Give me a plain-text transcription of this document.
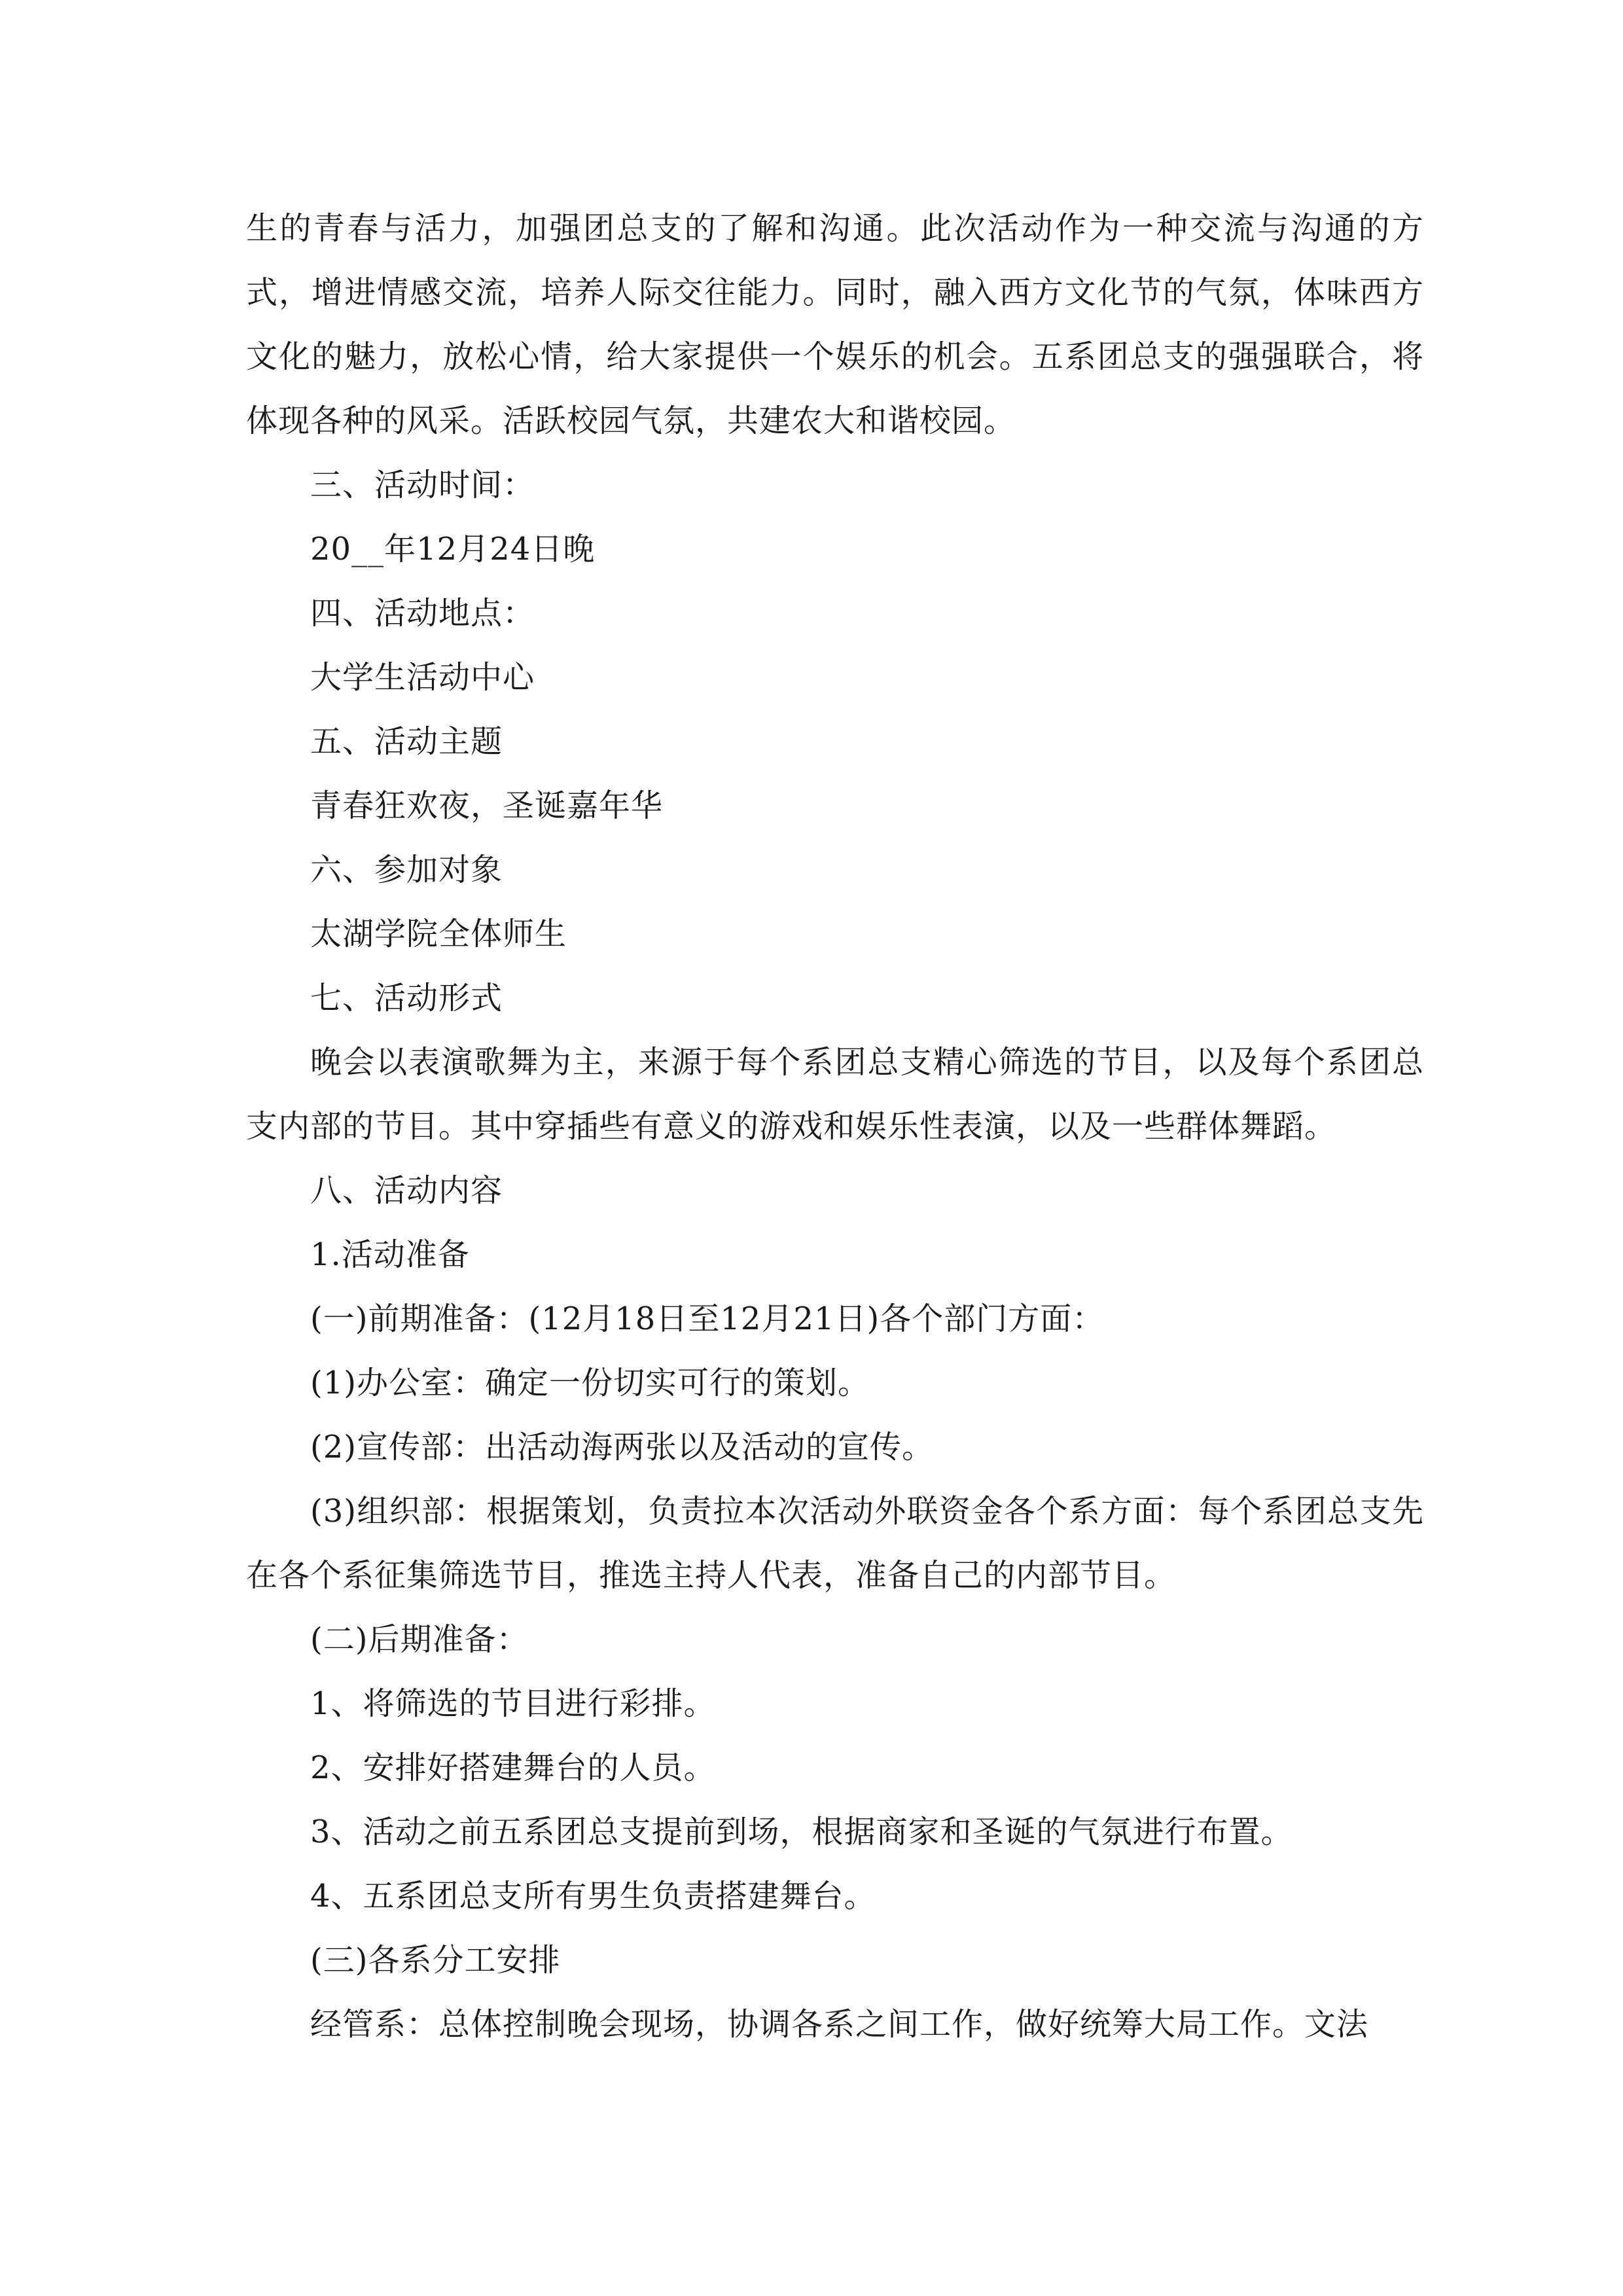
生的青春与活力，加强团总支的了解和沟通。此次活动作为一种交流与沟通的方式，增进情感交流，培养人际交往能力。同时，融入西方文化节的气氛，体味西方文化的魅力，放松心情，给大家提供一个娱乐的机会。五系团总支的强强联合，将体现各种的风采。活跃校园气氛，共建农大和谐校园。

三、活动时间：

20__年12月24日晚

四、活动地点：

大学生活动中心

五、活动主题

青春狂欢夜，圣诞嘉年华

六、参加对象

太湖学院全体师生

七、活动形式

晚会以表演歌舞为主，来源于每个系团总支精心筛选的节目，以及每个系团总支内部的节目。其中穿插些有意义的游戏和娱乐性表演，以及一些群体舞蹈。

八、活动内容

1.活动准备

(一)前期准备：(12月18日至12月21日)各个部门方面：

(1)办公室：确定一份切实可行的策划。

(2)宣传部：出活动海两张以及活动的宣传。

(3)组织部：根据策划，负责拉本次活动外联资金各个系方面：每个系团总支先在各个系征集筛选节目，推选主持人代表，准备自己的内部节目。

(二)后期准备：

1、将筛选的节目进行彩排。

2、安排好搭建舞台的人员。

3、活动之前五系团总支提前到场，根据商家和圣诞的气氛进行布置。

4、五系团总支所有男生负责搭建舞台。

(三)各系分工安排

经管系：总体控制晚会现场，协调各系之间工作，做好统筹大局工作。文法
